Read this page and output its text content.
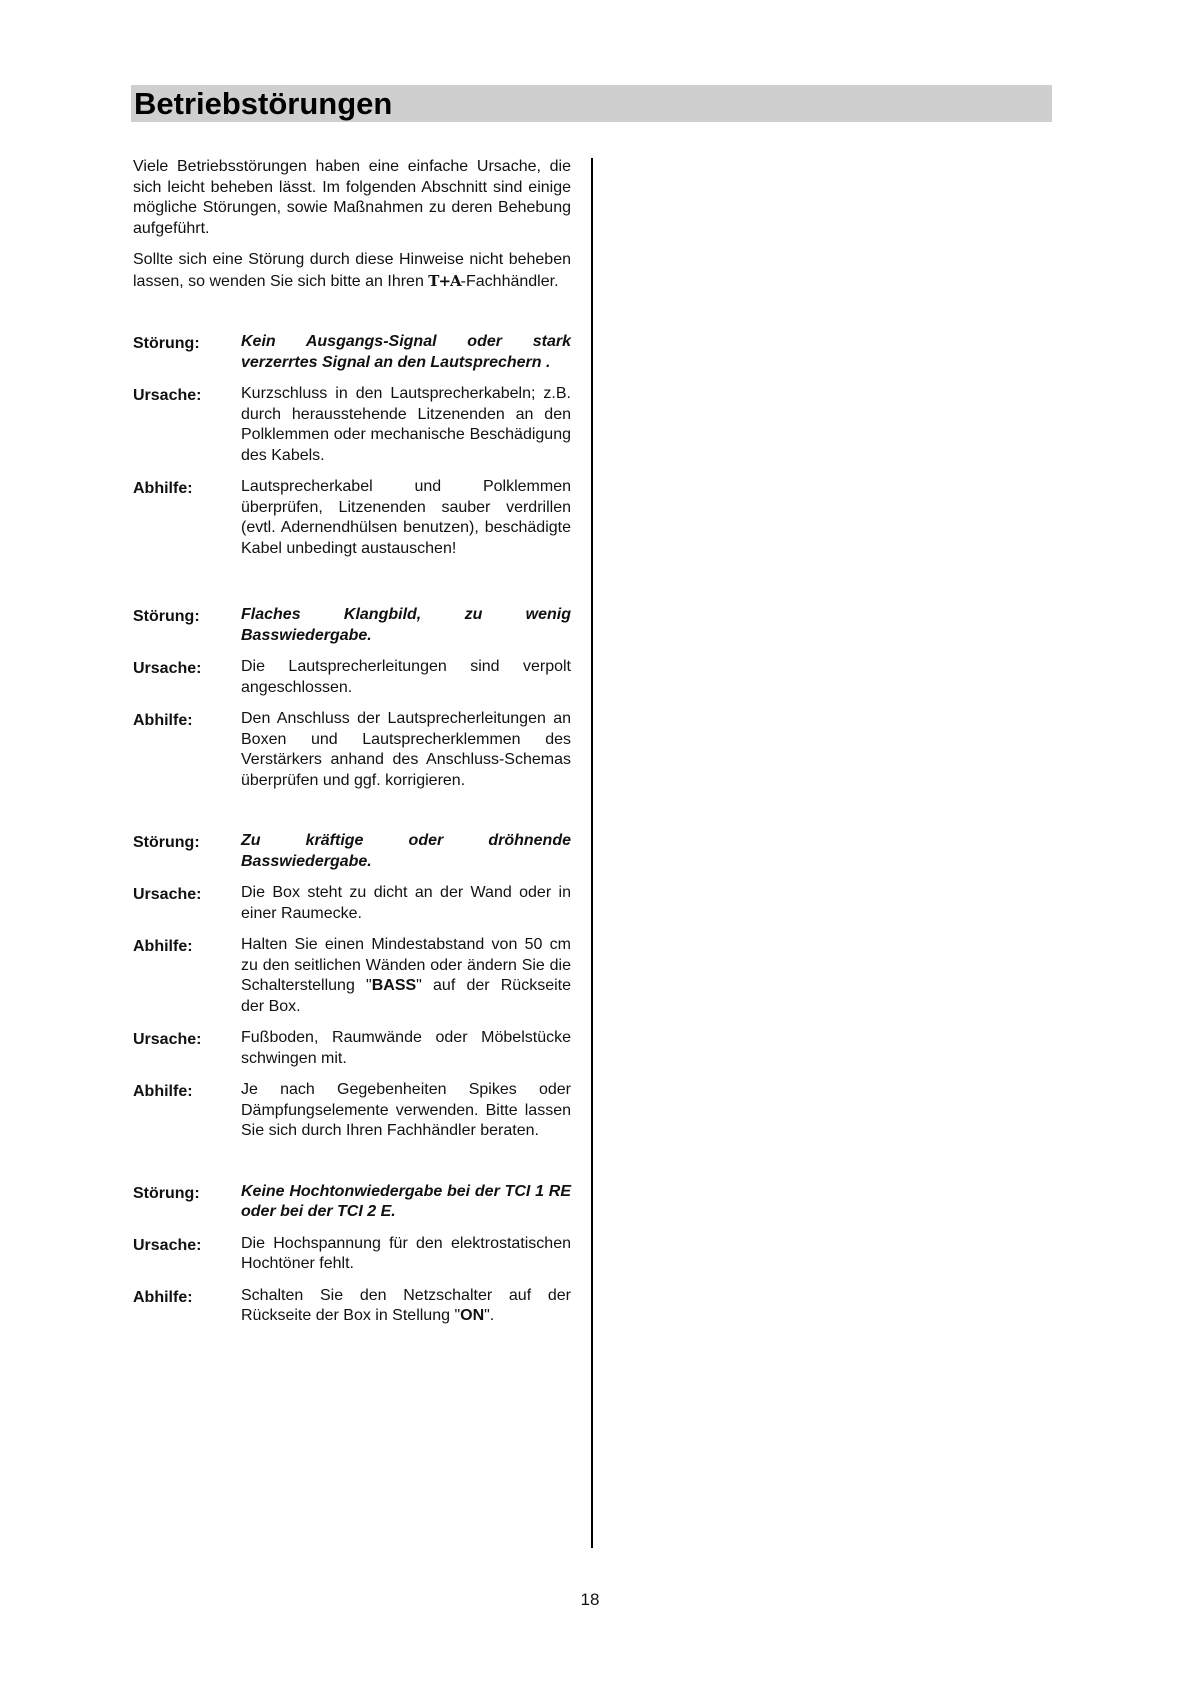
Betriebstörungen

Viele Betriebsstörungen haben eine einfache Ursache, die sich leicht beheben lässt. Im folgenden Abschnitt sind einige mögliche Störungen, sowie Maßnahmen zu deren Behebung aufgeführt.

Sollte sich eine Störung durch diese Hinweise nicht beheben lassen, so wenden Sie sich bitte an Ihren T+A-Fachhändler.

Störung:	Kein Ausgangs-Signal oder stark verzerrtes Signal an den Lautsprechern .
Ursache:	Kurzschluss in den Lautsprecherkabeln; z.B. durch herausstehende Litzenenden an den Polklemmen oder mechanische Beschädigung des Kabels.
Abhilfe:	Lautsprecherkabel und Polklemmen überprüfen, Litzenenden sauber verdrillen (evtl. Adernendhülsen benutzen), beschädigte Kabel unbedingt austauschen!
Störung:	Flaches Klangbild, zu wenig Basswiedergabe.
Ursache:	Die Lautsprecherleitungen sind verpolt angeschlossen.
Abhilfe:	Den Anschluss der Lautsprecherleitungen an Boxen und Lautsprecherklemmen des Verstärkers anhand des Anschluss-Schemas überprüfen und ggf. korrigieren.
Störung:	Zu kräftige oder dröhnende Basswiedergabe.
Ursache:	Die Box steht zu dicht an der Wand oder in einer Raumecke.
Abhilfe:	Halten Sie einen Mindestabstand von 50 cm zu den seitlichen Wänden oder ändern Sie die Schalterstellung "BASS" auf der Rückseite der Box.
Ursache:	Fußboden, Raumwände oder Möbelstücke schwingen mit.
Abhilfe:	Je nach Gegebenheiten Spikes oder Dämpfungselemente verwenden. Bitte lassen Sie sich durch Ihren Fachhändler beraten.
Störung:	Keine Hochtonwiedergabe bei der TCI 1 RE oder bei der TCI 2 E.
Ursache:	Die Hochspannung für den elektrostatischen Hochtöner fehlt.
Abhilfe:	Schalten Sie den Netzschalter auf der Rückseite der Box in Stellung "ON".
18
